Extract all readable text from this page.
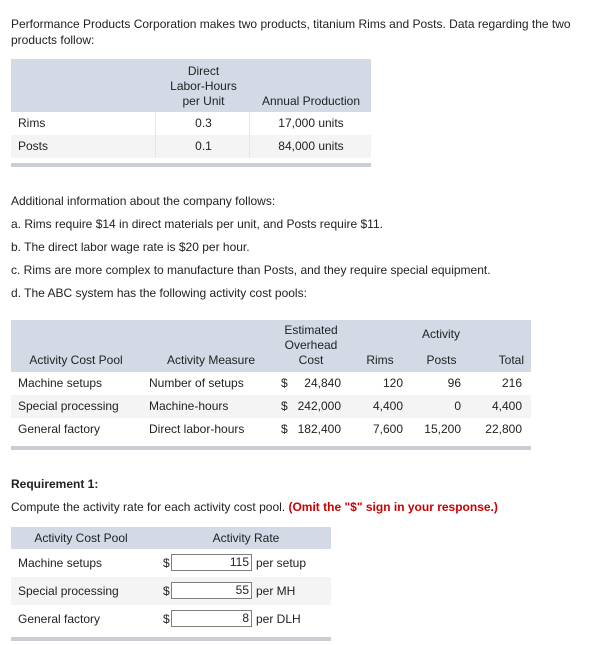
Performance Products Corporation makes two products, titanium Rims and Posts. Data regarding the two products follow:
Direct
Labor-Hours
per Unit	Annual Production
Rims	0.3	17,000 units
Posts	0.1	84,000 units
Additional information about the company follows:
a. Rims require $14 in direct materials per unit, and Posts require $11.
b. The direct labor wage rate is $20 per hour.
c. Rims are more complex to manufacture than Posts, and they require special equipment.
d. The ABC system has the following activity cost pools:
Activity Cost Pool	Activity Measure
Estimated
Overhead
Cost
Activity
Rims	Posts	Total
Machine setups	Number of setups	$	24,840	120	96	216
Special processing	Machine-hours	$ 242,000	4,400	0	4,400
General factory	Direct labor-hours	$ 182,400	7,600	15,200	22,800
Requirement 1:
Compute the activity rate for each activity cost pool. (Omit the "$" sign in your response.)
Activity Cost Pool	Activity Rate
Machine setups	$	115 per setup
Special processing	$	55 per MH
General factory	$	8 per DLH
